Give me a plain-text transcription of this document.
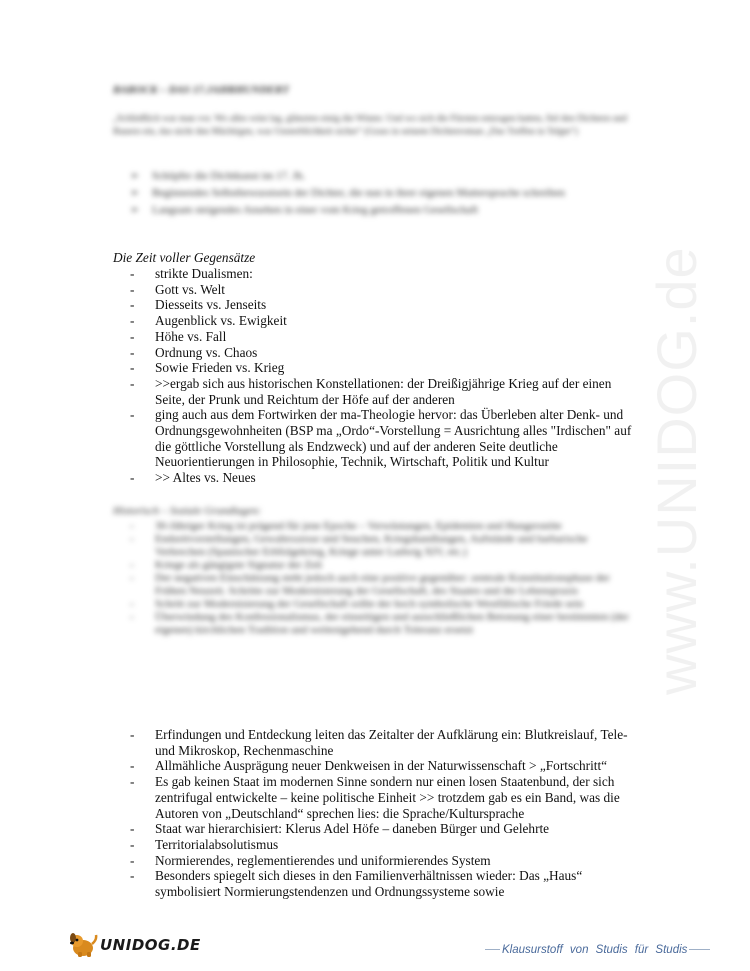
www.UNIDOG.de
BAROCK – DAS 17.JAHRHUNDERT
„Schließlich war man vor. Wo alles wüst lag, glänzten einig die Winter. Und wo sich die Fürsten entzogen hatten, fiel den Dichtern und Bauern ein, das nicht den Mächtigen, was Unsterblichkeit sicher“ (Grass in seinem Dichterroman „Das Treffen in Telgte“)
➢	Schöpfer die Dichtkunst im 17. Jh.
➢	Beginnendes Selbstbewusstsein der Dichter, die nun in ihrer eigenen Muttersprache schreiben
➢	Langsam steigendes Ansehen in einer vom Krieg getroffenen Gesellschaft
Die Zeit voller Gegensätze
-	strikte Dualismen:
-	Gott vs. Welt
-	Diesseits vs. Jenseits
-	Augenblick vs. Ewigkeit
-	Höhe vs. Fall
-	Ordnung vs. Chaos
-	Sowie Frieden vs. Krieg
-	>>ergab sich aus historischen Konstellationen: der Dreißigjährige Krieg auf der einen Seite, der Prunk und Reichtum der Höfe auf der anderen
-	ging auch aus dem Fortwirken der ma-Theologie hervor: das Überleben alter Denk- und Ordnungsgewohnheiten (BSP ma „Ordo“-Vorstellung = Ausrichtung alles "Irdischen" auf die göttliche Vorstellung als Endzweck) und auf der anderen Seite deutliche Neuorientierungen in Philosophie, Technik, Wirtschaft, Politik und Kultur
-	>> Altes vs. Neues
Historisch – Soziale Grundlagen:
-	30-Jähriger Krieg ist prägend für jene Epoche – Verwüstungen, Epidemien und Hungersnöte
-	Endzeitvorstellungen, Gewaltexzesse und Seuchen, Kriegshandlungen, Aufstände und barbarische Verbrechen (Spanischer Erbfolgekrieg, Kriege unter Ludwig XIV, etc.)
-	Kriege als gängigste Signatur der Zeit
-	Der negativen Einschätzung steht jedoch auch eine positive gegenüber: zentrale Konstitutionsphase der Frühen Neuzeit. Schritte zur Modernisierung der Gesellschaft, des Staates und der Lebenspraxis
-	Schritt zur Modernisierung der Gesellschaft sollte der hoch symbolische Westfälische Friede sein
-	Überwindung des Konfessionalismus, der einseitigen und ausschließlichen Betonung einer bestimmten (der eigenen) kirchlichen Tradition und weitestgehend durch Toleranz ersetzt
-	Erfindungen und Entdeckung leiten das Zeitalter der Aufklärung ein: Blutkreislauf, Tele- und Mikroskop, Rechenmaschine
-	Allmähliche Ausprägung neuer Denkweisen in der Naturwissenschaft > „Fortschritt“
-	Es gab keinen Staat im modernen Sinne sondern nur einen losen Staatenbund, der sich zentrifugal entwickelte – keine politische Einheit >> trotzdem gab es ein Band, was die Autoren von „Deutschland“ sprechen lies: die Sprache/Kultursprache
-	Staat war hierarchisiert: Klerus Adel Höfe – daneben Bürger und Gelehrte
-	Territorialabsolutismus
-	Normierendes, reglementierendes und uniformierendes System
-	Besonders spiegelt sich dieses in den Familienverhältnissen wieder: Das „Haus“ symbolisiert Normierungstendenzen und Ordnungssysteme sowie
UNIDOG.DE	Klausurstoff von Studis für Studis
